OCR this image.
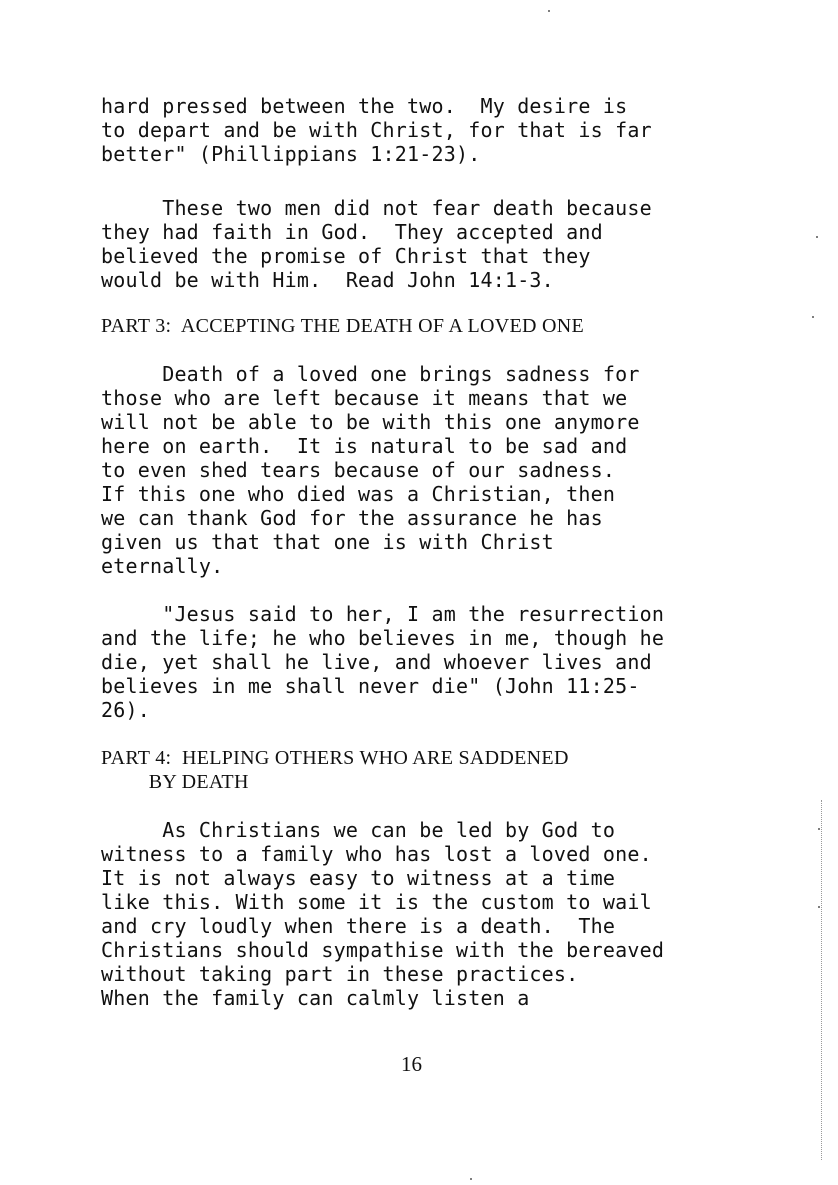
hard pressed between the two.  My desire is
to depart and be with Christ, for that is far
better" (Phillippians 1:21-23).
These two men did not fear death because
they had faith in God.  They accepted and
believed the promise of Christ that they
would be with Him.  Read John 14:1-3.
PART 3:  ACCEPTING THE DEATH OF A LOVED ONE
Death of a loved one brings sadness for
those who are left because it means that we
will not be able to be with this one anymore
here on earth.  It is natural to be sad and
to even shed tears because of our sadness.
If this one who died was a Christian, then
we can thank God for the assurance he has
given us that that one is with Christ
eternally.
"Jesus said to her, I am the resurrection
and the life; he who believes in me, though he
die, yet shall he live, and whoever lives and
believes in me shall never die" (John 11:25-
26).
PART 4:  HELPING OTHERS WHO ARE SADDENED
BY DEATH
As Christians we can be led by God to
witness to a family who has lost a loved one.
It is not always easy to witness at a time
like this. With some it is the custom to wail
and cry loudly when there is a death.  The
Christians should sympathise with the bereaved
without taking part in these practices.
When the family can calmly listen a
16
